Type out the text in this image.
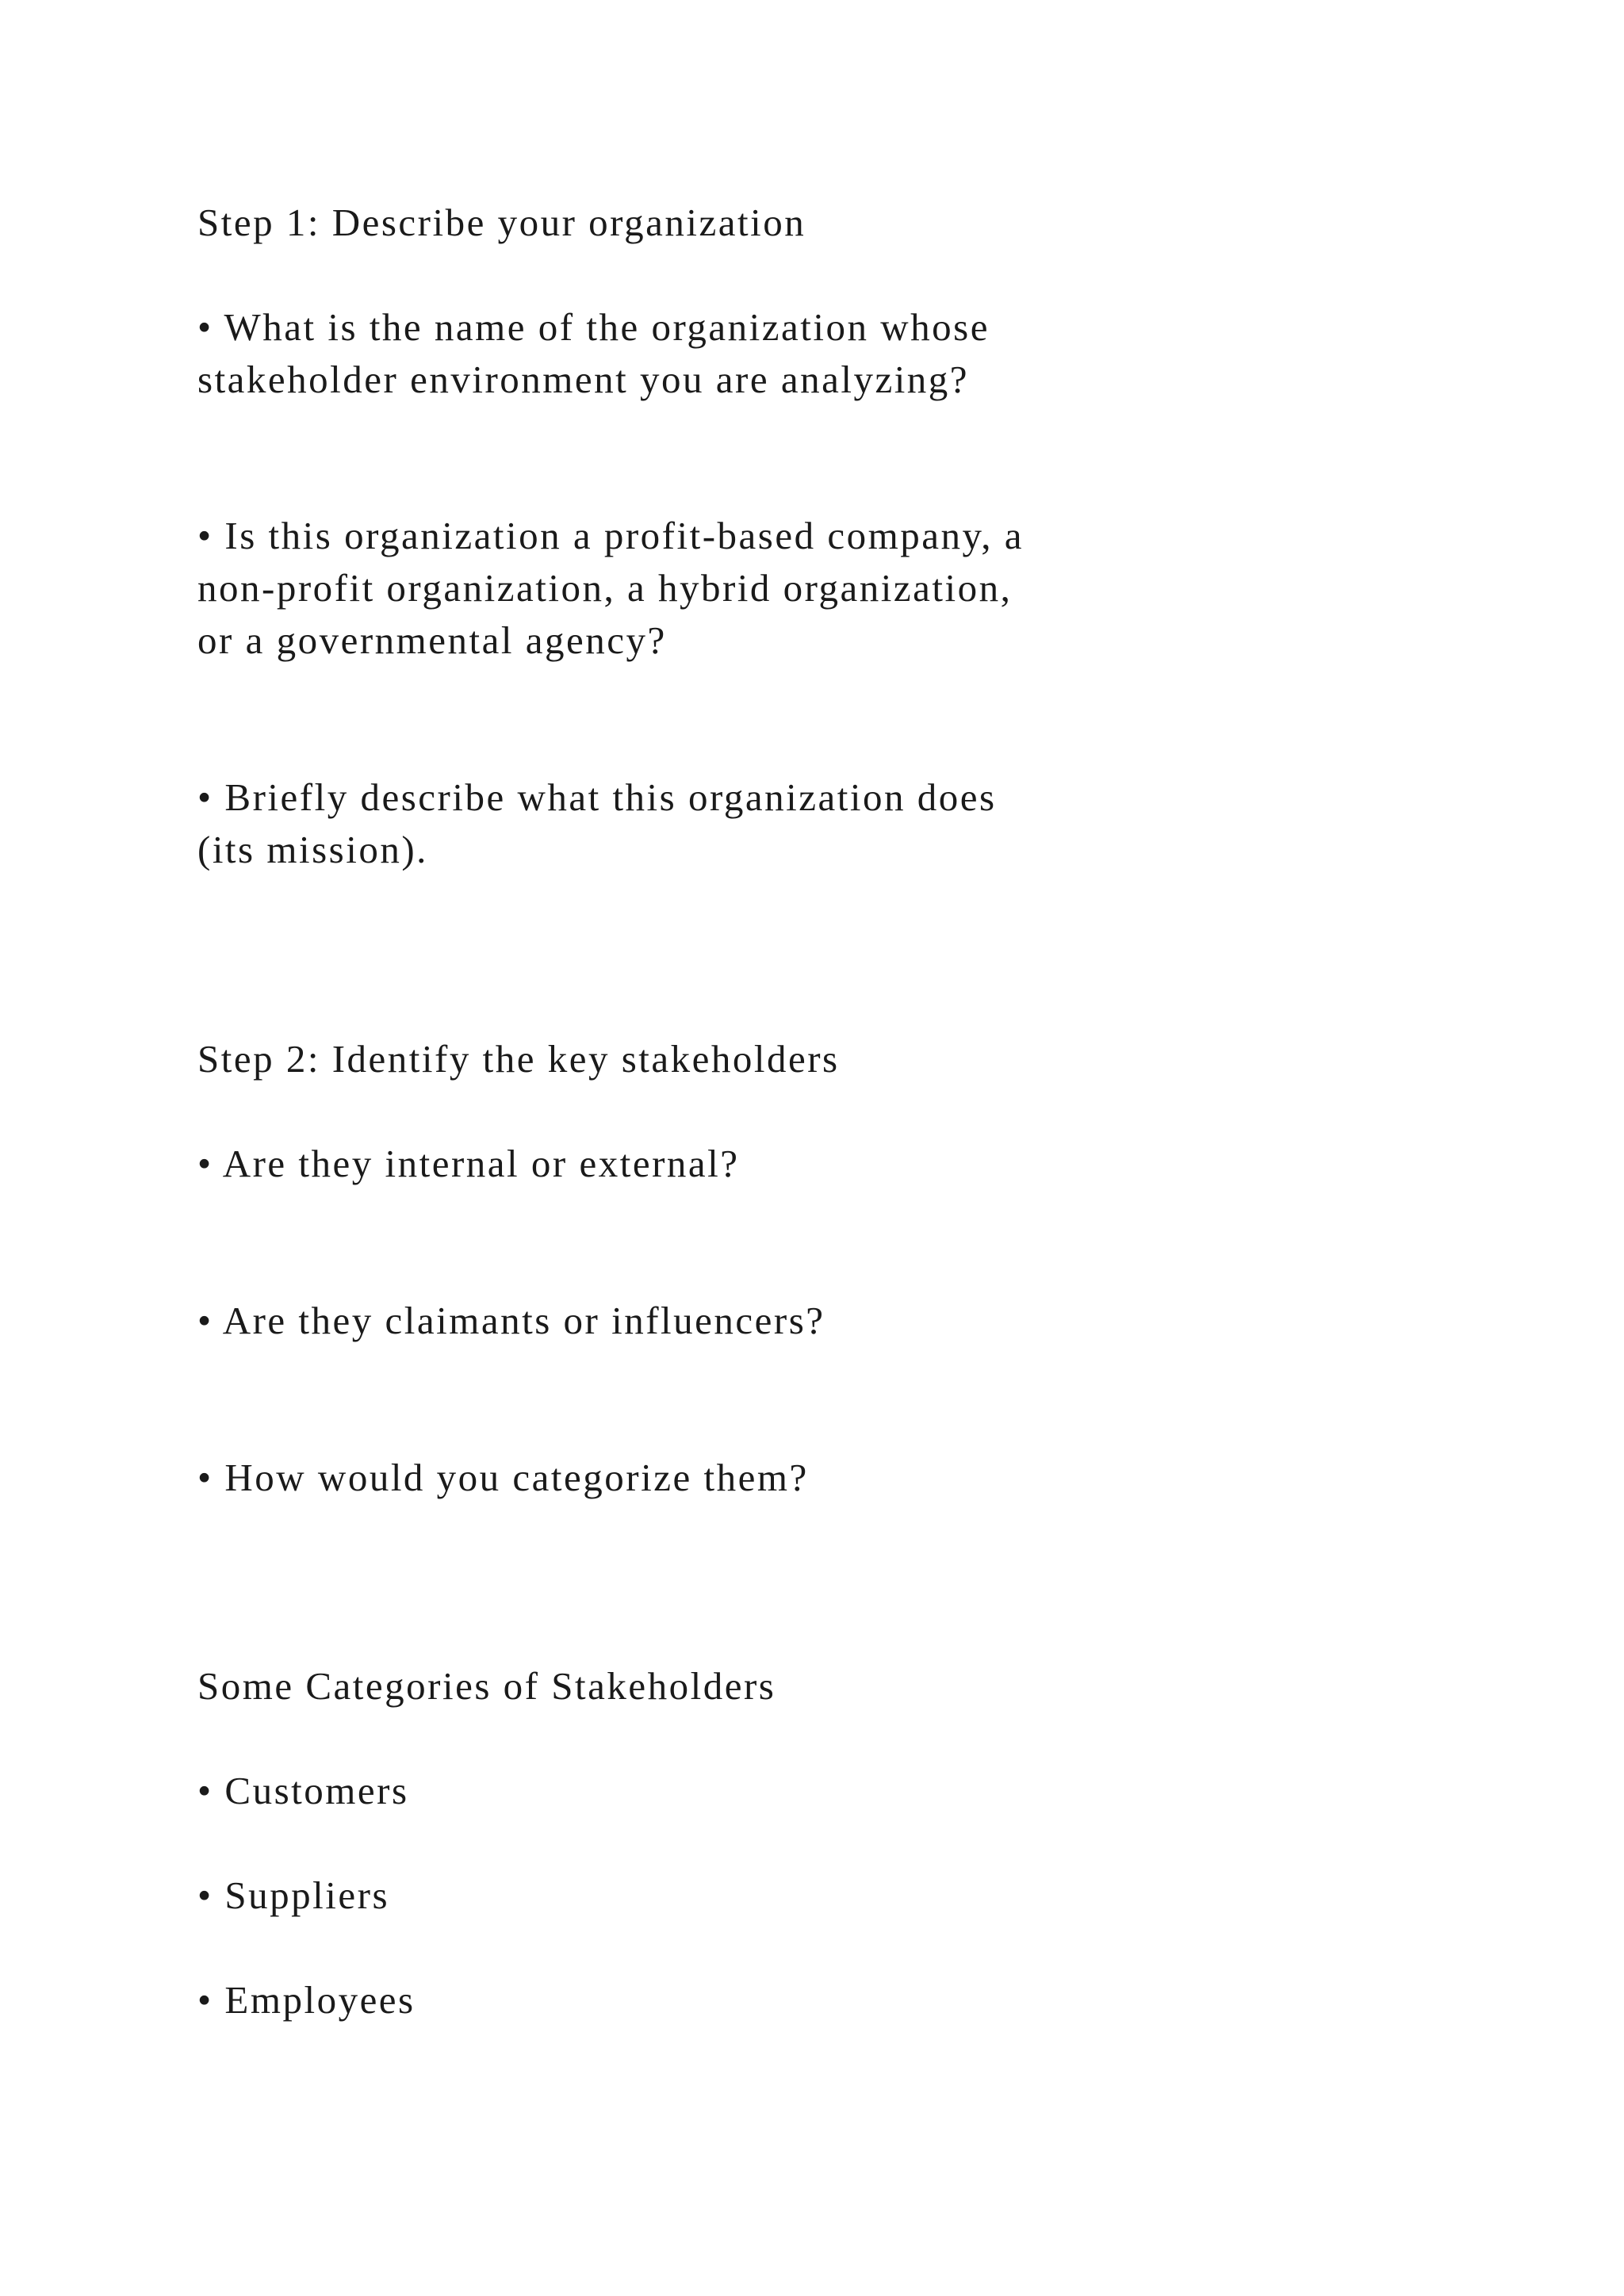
Step 1: Describe your organization

• What is the name of the organization whose
stakeholder environment you are analyzing?

• Is this organization a profit-based company, a
non-profit organization, a hybrid organization,
or a governmental agency?

• Briefly describe what this organization does
(its mission).

Step 2: Identify the key stakeholders

• Are they internal or external?

• Are they claimants or influencers?

• How would you categorize them?

Some Categories of Stakeholders

• Customers

• Suppliers

• Employees
